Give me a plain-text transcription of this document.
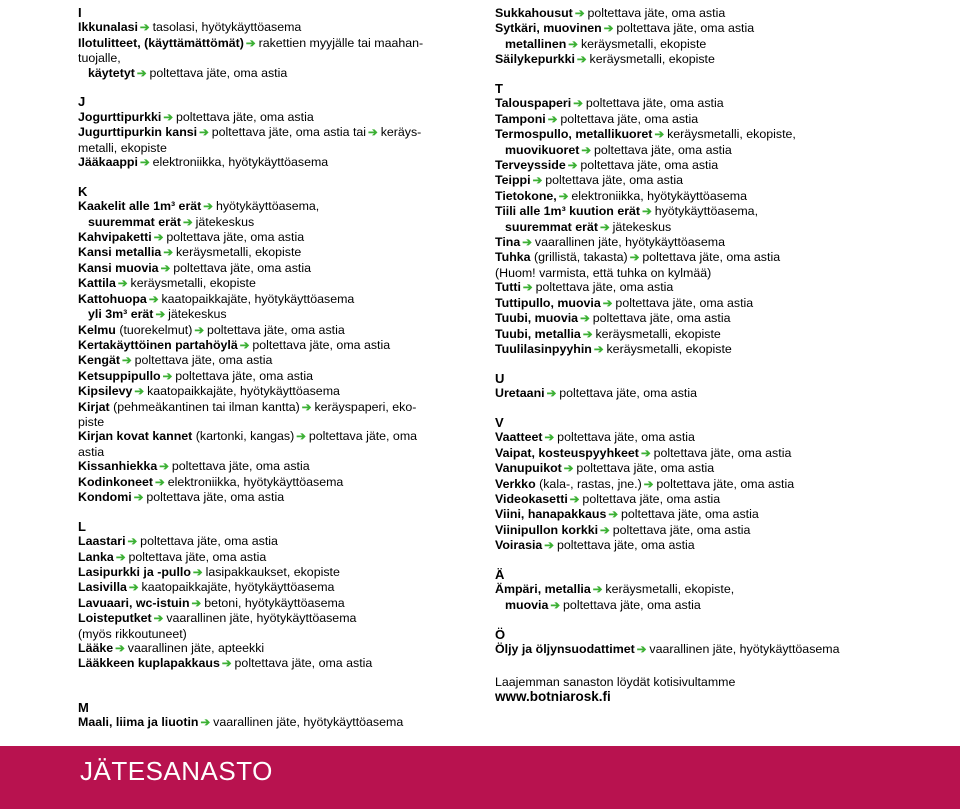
I

Ikkunalasi ➔ tasolasi, hyötykäyttöasema

Ilotulitteet, (käyttämättömät) ➔ rakettien myyjälle tai maahan-
tuojalle,

käytetyt ➔ poltettava jäte, oma astia

J

Jogurttipurkki ➔ poltettava jäte, oma astia

Jugurttipurkin kansi ➔ poltettava jäte, oma astia tai ➔ keräys-
metalli, ekopiste

Jääkaappi ➔ elektroniikka, hyötykäyttöasema

K

Kaakelit alle 1m³ erät ➔ hyötykäyttöasema,

suuremmat erät ➔ jätekeskus

Kahvipaketti ➔ poltettava jäte, oma astia

Kansi metallia ➔ keräysmetalli, ekopiste

Kansi muovia ➔ poltettava jäte, oma astia

Kattila ➔ keräysmetalli, ekopiste

Kattohuopa ➔ kaatopaikkajäte, hyötykäyttöasema

yli 3m³ erät ➔ jätekeskus

Kelmu (tuorekelmut) ➔ poltettava jäte, oma astia

Kertakäyttöinen partahöylä ➔ poltettava jäte, oma astia

Kengät ➔ poltettava jäte, oma astia

Ketsuppipullo ➔ poltettava jäte, oma astia

Kipsilevy ➔ kaatopaikkajäte, hyötykäyttöasema

Kirjat (pehmeäkantinen tai ilman kantta) ➔ keräyspaperi, eko-
piste

Kirjan kovat kannet (kartonki, kangas) ➔ poltettava jäte, oma
astia

Kissanhiekka ➔ poltettava jäte, oma astia

Kodinkoneet ➔ elektroniikka, hyötykäyttöasema

Kondomi ➔ poltettava jäte, oma astia

L

Laastari ➔ poltettava jäte, oma astia

Lanka ➔ poltettava jäte, oma astia

Lasipurkki ja -pullo ➔ lasipakkaukset, ekopiste

Lasivilla ➔ kaatopaikkajäte, hyötykäyttöasema

Lavuaari, wc-istuin ➔ betoni, hyötykäyttöasema

Loisteputket ➔ vaarallinen jäte, hyötykäyttöasema

(myös rikkoutuneet)

Lääke ➔ vaarallinen jäte, apteekki

Lääkkeen kuplapakkaus ➔ poltettava jäte, oma astia

M

Maali, liima ja liuotin ➔ vaarallinen jäte, hyötykäyttöasema

Sukkahousut ➔ poltettava jäte, oma astia

Sytkäri, muovinen ➔ poltettava jäte, oma astia

metallinen ➔ keräysmetalli, ekopiste

Säilykepurkki ➔ keräysmetalli, ekopiste

T

Talouspaperi ➔ poltettava jäte, oma astia

Tamponi ➔ poltettava jäte, oma astia

Termospullo, metallikuoret ➔ keräysmetalli, ekopiste,

muovikuoret ➔ poltettava jäte, oma astia

Terveysside ➔ poltettava jäte, oma astia

Teippi ➔ poltettava jäte, oma astia

Tietokone, ➔ elektroniikka, hyötykäyttöasema

Tiili alle 1m³ kuution erät ➔ hyötykäyttöasema,

suuremmat erät ➔ jätekeskus

Tina ➔ vaarallinen jäte, hyötykäyttöasema

Tuhka (grillistä, takasta) ➔ poltettava jäte, oma astia

(Huom! varmista, että tuhka on kylmää)

Tutti ➔ poltettava jäte, oma astia

Tuttipullo, muovia ➔ poltettava jäte, oma astia

Tuubi, muovia ➔ poltettava jäte, oma astia

Tuubi, metallia ➔ keräysmetalli, ekopiste

Tuulilasinpyyhin ➔ keräysmetalli, ekopiste

U

Uretaani ➔ poltettava jäte, oma astia

V

Vaatteet ➔ poltettava jäte, oma astia

Vaipat, kosteuspyyhkeet ➔ poltettava jäte, oma astia

Vanupuikot ➔ poltettava jäte, oma astia

Verkko (kala-, rastas, jne.) ➔ poltettava jäte, oma astia

Videokasetti ➔ poltettava jäte, oma astia

Viini, hanapakkaus ➔ poltettava jäte, oma astia

Viinipullon korkki ➔ poltettava jäte, oma astia

Voirasia ➔ poltettava jäte, oma astia

Ä

Ämpäri, metallia ➔ keräysmetalli, ekopiste,

muovia ➔ poltettava jäte, oma astia

Ö

Öljy ja öljynsuodattimet ➔ vaarallinen jäte, hyötykäyttöasema

Laajemman sanaston löydät kotisivultamme

www.botniarosk.fi

JÄTESANASTO
